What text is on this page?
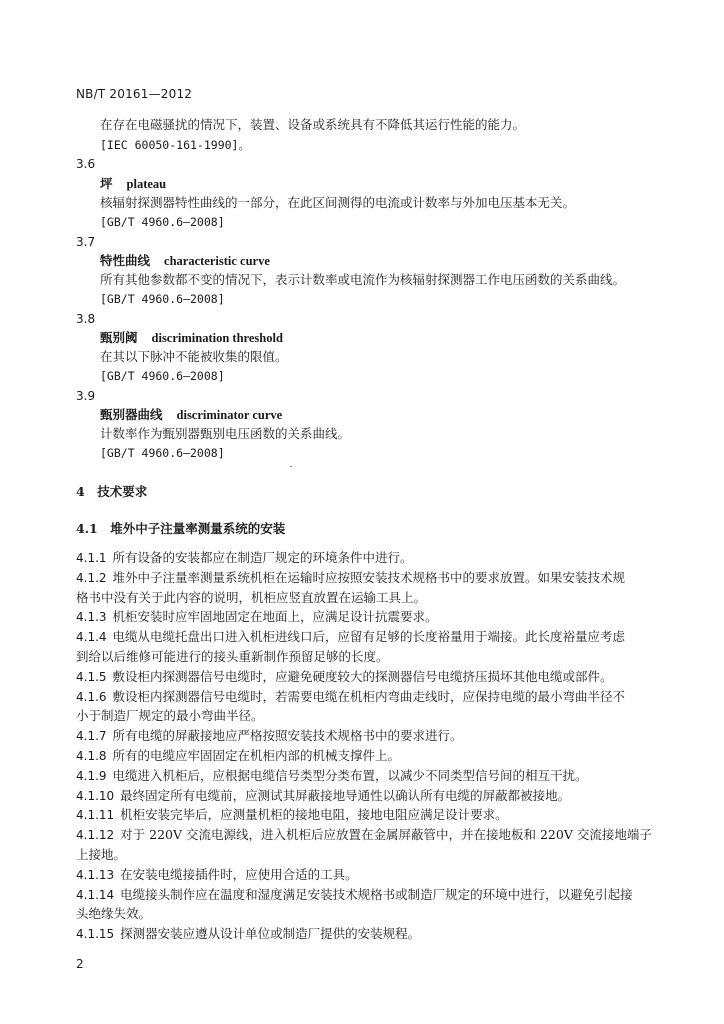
NB/T 20161—2012
在存在电磁骚扰的情况下，装置、设备或系统具有不降低其运行性能的能力。
[IEC 60050-161-1990]。
3.6
坪 plateau
核辐射探测器特性曲线的一部分，在此区间测得的电流或计数率与外加电压基本无关。
[GB/T 4960.6—2008]
3.7
特性曲线 characteristic curve
所有其他参数都不变的情况下，表示计数率或电流作为核辐射探测器工作电压函数的关系曲线。
[GB/T 4960.6—2008]
3.8
甄别阈 discrimination threshold
在其以下脉冲不能被收集的限值。
[GB/T 4960.6—2008]
3.9
甄别器曲线 discriminator curve
计数率作为甄别器甄别电压函数的关系曲线。
[GB/T 4960.6—2008]
4　技术要求
4.1　堆外中子注量率测量系统的安装
4.1.1 所有设备的安装都应在制造厂规定的环境条件中进行。
4.1.2 堆外中子注量率测量系统机柜在运输时应按照安装技术规格书中的要求放置。如果安装技术规
格书中没有关于此内容的说明，机柜应竖直放置在运输工具上。
4.1.3 机柜安装时应牢固地固定在地面上，应满足设计抗震要求。
4.1.4 电缆从电缆托盘出口进入机柜进线口后，应留有足够的长度裕量用于端接。此长度裕量应考虑
到给以后维修可能进行的接头重新制作预留足够的长度。
4.1.5 敷设柜内探测器信号电缆时，应避免硬度较大的探测器信号电缆挤压损坏其他电缆或部件。
4.1.6 敷设柜内探测器信号电缆时，若需要电缆在机柜内弯曲走线时，应保持电缆的最小弯曲半径不
小于制造厂规定的最小弯曲半径。
4.1.7 所有电缆的屏蔽接地应严格按照安装技术规格书中的要求进行。
4.1.8 所有的电缆应牢固固定在机柜内部的机械支撑件上。
4.1.9 电缆进入机柜后，应根据电缆信号类型分类布置，以减少不同类型信号间的相互干扰。
4.1.10 最终固定所有电缆前，应测试其屏蔽接地导通性以确认所有电缆的屏蔽都被接地。
4.1.11 机柜安装完毕后，应测量机柜的接地电阻，接地电阻应满足设计要求。
4.1.12 对于 220V 交流电源线，进入机柜后应放置在金属屏蔽管中，并在接地板和 220V 交流接地端子
上接地。
4.1.13 在安装电缆接插件时，应使用合适的工具。
4.1.14 电缆接头制作应在温度和湿度满足安装技术规格书或制造厂规定的环境中进行，以避免引起接
头绝缘失效。
4.1.15 探测器安装应遵从设计单位或制造厂提供的安装规程。
2
